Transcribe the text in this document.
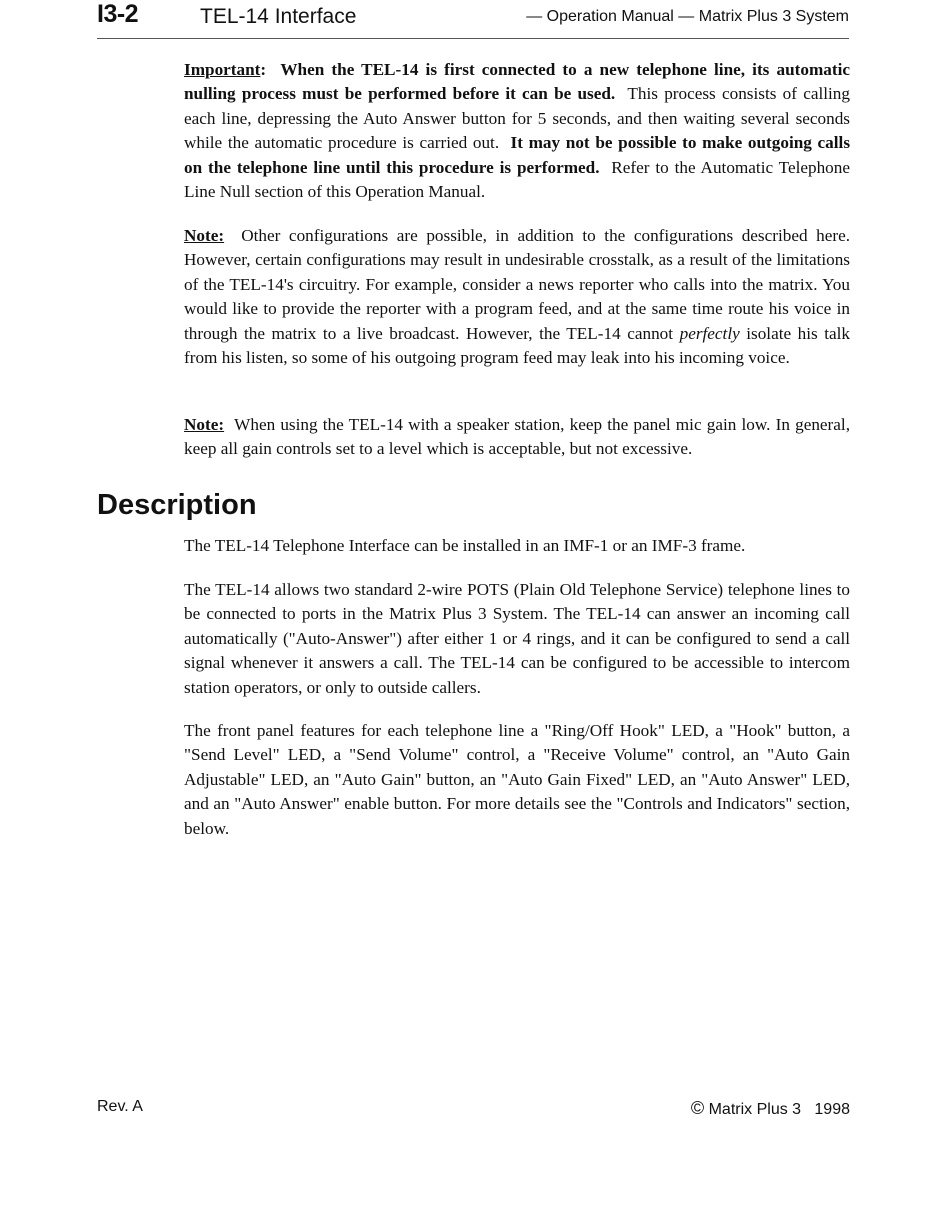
I3-2	TEL-14 Interface	— Operation Manual — Matrix Plus 3 System

Important: When the TEL-14 is first connected to a new telephone line, its automatic nulling process must be performed before it can be used. This process consists of calling each line, depressing the Auto Answer button for 5 seconds, and then waiting several seconds while the automatic procedure is carried out. It may not be possible to make outgoing calls on the telephone line until this procedure is performed. Refer to the Automatic Telephone Line Null section of this Operation Manual.

Note: Other configurations are possible, in addition to the configurations described here. However, certain configurations may result in undesirable crosstalk, as a result of the limitations of the TEL-14's circuitry. For example, consider a news reporter who calls into the matrix. You would like to provide the reporter with a program feed, and at the same time route his voice in through the matrix to a live broadcast. However, the TEL-14 cannot perfectly isolate his talk from his listen, so some of his outgoing program feed may leak into his incoming voice.

Note: When using the TEL-14 with a speaker station, keep the panel mic gain low. In general, keep all gain controls set to a level which is acceptable, but not excessive.

Description

The TEL-14 Telephone Interface can be installed in an IMF-1 or an IMF-3 frame.

The TEL-14 allows two standard 2-wire POTS (Plain Old Telephone Service) telephone lines to be connected to ports in the Matrix Plus 3 System. The TEL-14 can answer an incoming call automatically ("Auto-Answer") after either 1 or 4 rings, and it can be configured to send a call signal whenever it answers a call. The TEL-14 can be configured to be accessible to intercom station operators, or only to outside callers.

The front panel features for each telephone line a "Ring/Off Hook" LED, a "Hook" button, a "Send Level" LED, a "Send Volume" control, a "Receive Volume" control, an "Auto Gain Adjustable" LED, an "Auto Gain" button, an "Auto Gain Fixed" LED, an "Auto Answer" LED, and an "Auto Answer" enable button. For more details see the "Controls and Indicators" section, below.

Rev. A	© Matrix Plus 3   1998
